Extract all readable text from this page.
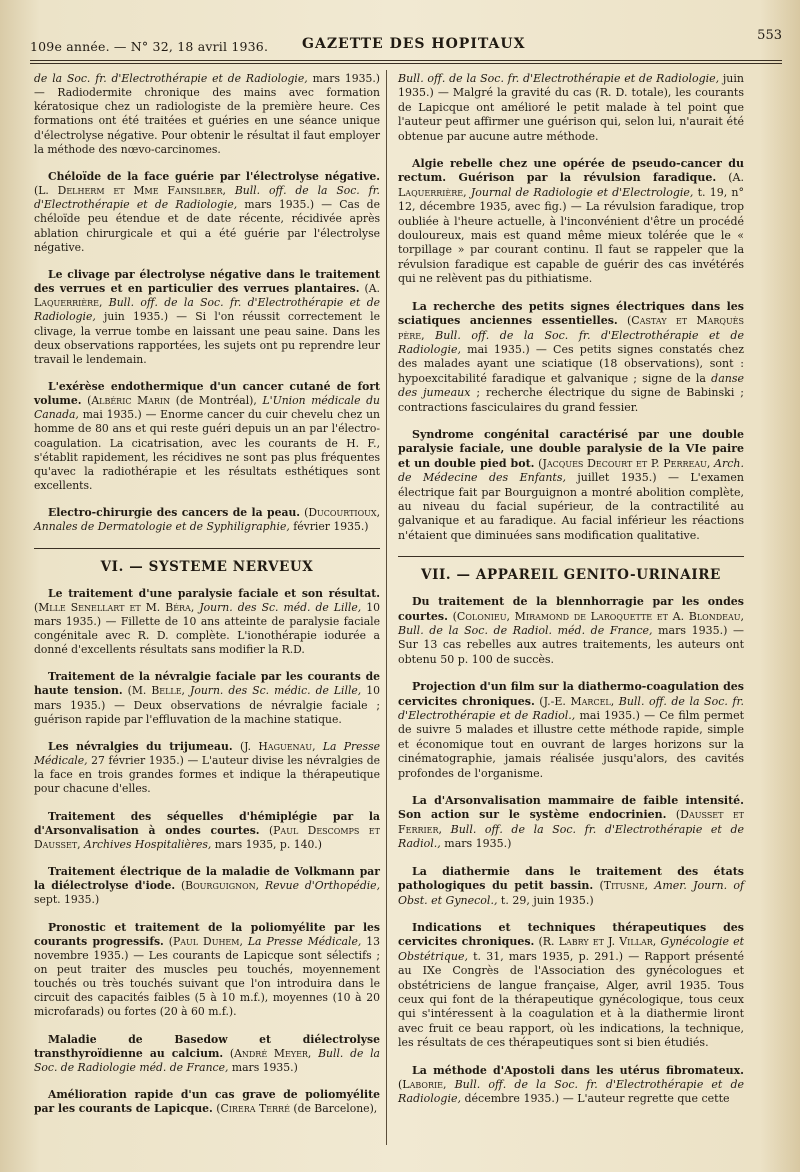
109e année. — N° 32, 18 avril 1936. GAZETTE DES HOPITAUX
553

de la Soc. fr. d'Electrothérapie et de Radiologie, mars 1935.) — Radiodermite chronique des mains avec formation kératosique chez un radiologiste de la première heure. Ces formations ont été traitées et guéries en une séance unique d'électrolyse négative. Pour obtenir le résultat il faut employer la méthode des nœvo-carcinomes.

Chéloïde de la face guérie par l'électrolyse négative. (L. Delherm et Mme Fainsilber, Bull. off. de la Soc. fr. d'Electrothérapie et de Radiologie, mars 1935.) — Cas de chéloïde peu étendue et de date récente, récidivée après ablation chirurgicale et qui a été guérie par l'électrolyse négative.

Le clivage par électrolyse négative dans le traitement des verrues et en particulier des verrues plantaires. (A. Laquerrière, Bull. off. de la Soc. fr. d'Electrothérapie et de Radiologie, juin 1935.) — Si l'on réussit correctement le clivage, la verrue tombe en laissant une peau saine. Dans les deux observations rapportées, les sujets ont pu reprendre leur travail le lendemain.

L'exérèse endothermique d'un cancer cutané de fort volume. (Albéric Marin (de Montréal), L'Union médicale du Canada, mai 1935.) — Enorme cancer du cuir chevelu chez un homme de 80 ans et qui reste guéri depuis un an par l'électro-coagulation. La cicatrisation, avec les courants de H. F., s'établit rapidement, les récidives ne sont pas plus fréquentes qu'avec la radiothérapie et les résultats esthétiques sont excellents.

Electro-chirurgie des cancers de la peau. (Ducourtioux, Annales de Dermatologie et de Syphiligraphie, février 1935.)

VI. — SYSTEME NERVEUX

Le traitement d'une paralysie faciale et son résultat. (Mlle Senellart et M. Béra, Journ. des Sc. méd. de Lille, 10 mars 1935.) — Fillette de 10 ans atteinte de paralysie faciale congénitale avec R. D. complète. L'ionothérapie iodurée a donné d'excellents résultats sans modifier la R.D.

Traitement de la névralgie faciale par les courants de haute tension. (M. Belle, Journ. des Sc. médic. de Lille, 10 mars 1935.) — Deux observations de névralgie faciale ; guérison rapide par l'effluvation de la machine statique.

Les névralgies du trijumeau. (J. Haguenau, La Presse Médicale, 27 février 1935.) — L'auteur divise les névralgies de la face en trois grandes formes et indique la thérapeutique pour chacune d'elles.

Traitement des séquelles d'hémiplégie par la d'Arsonvalisation à ondes courtes. (Paul Descomps et Dausset, Archives Hospitalières, mars 1935, p. 140.)

Traitement électrique de la maladie de Volkmann par la diélectrolyse d'iode. (Bourguignon, Revue d'Orthopédie, sept. 1935.)

Pronostic et traitement de la poliomyélite par les courants progressifs. (Paul Duhem, La Presse Médicale, 13 novembre 1935.) — Les courants de Lapicque sont sélectifs ; on peut traiter des muscles peu touchés, moyennement touchés ou très touchés suivant que l'on introduira dans le circuit des capacités faibles (5 à 10 m.f.), moyennes (10 à 20 microfarads) ou fortes (20 à 60 m.f.).

Maladie de Basedow et diélectrolyse transthyroïdienne au calcium. (André Meyer, Bull. de la Soc. de Radiologie méd. de France, mars 1935.)

Amélioration rapide d'un cas grave de poliomyélite par les courants de Lapicque. (Cirera Terré (de Barcelone),

Bull. off. de la Soc. fr. d'Electrothérapie et de Radiologie, juin 1935.) — Malgré la gravité du cas (R. D. totale), les courants de Lapicque ont amélioré le petit malade à tel point que l'auteur peut affirmer une guérison qui, selon lui, n'aurait été obtenue par aucune autre méthode.

Algie rebelle chez une opérée de pseudo-cancer du rectum. Guérison par la révulsion faradique. (A. Laquerrière, Journal de Radiologie et d'Electrologie, t. 19, n° 12, décembre 1935, avec fig.) — La révulsion faradique, trop oubliée à l'heure actuelle, à l'inconvénient d'être un procédé douloureux, mais est quand même mieux tolérée que le « torpillage » par courant continu. Il faut se rappeler que la révulsion faradique est capable de guérir des cas invétérés qui ne relèvent pas du pithiatisme.

La recherche des petits signes électriques dans les sciatiques anciennes essentielles. (Castay et Marquès père, Bull. off. de la Soc. fr. d'Electrothérapie et de Radiologie, mai 1935.) — Ces petits signes constatés chez des malades ayant une sciatique (18 observations), sont : hypoexcitabilité faradique et galvanique ; signe de la danse des jumeaux ; recherche électrique du signe de Babinski ; contractions fasciculaires du grand fessier.

Syndrome congénital caractérisé par une double paralysie faciale, une double paralysie de la VIe paire et un double pied bot. (Jacques Decourt et P. Perreau, Arch. de Médecine des Enfants, juillet 1935.) — L'examen électrique fait par Bourguignon a montré abolition complète, au niveau du facial supérieur, de la contractilité au galvanique et au faradique. Au facial inférieur les réactions n'étaient que diminuées sans modification qualitative.

VII. — APPAREIL GENITO-URINAIRE

Du traitement de la blennhorragie par les ondes courtes. (Colonieu, Miramond de Laroquette et A. Blondeau, Bull. de la Soc. de Radiol. méd. de France, mars 1935.) — Sur 13 cas rebelles aux autres traitements, les auteurs ont obtenu 50 p. 100 de succès.

Projection d'un film sur la diathermo-coagulation des cervicites chroniques. (J.-E. Marcel, Bull. off. de la Soc. fr. d'Electrothérapie et de Radiol., mai 1935.) — Ce film permet de suivre 5 malades et illustre cette méthode rapide, simple et économique tout en ouvrant de larges horizons sur la cinématographie, jamais réalisée jusqu'alors, des cavités profondes de l'organisme.

La d'Arsonvalisation mammaire de faible intensité. Son action sur le système endocrinien. (Dausset et Ferrier, Bull. off. de la Soc. fr. d'Electrothérapie et de Radiol., mars 1935.)

La diathermie dans le traitement des états pathologiques du petit bassin. (Titusne, Amer. Journ. of Obst. et Gynecol., t. 29, juin 1935.)

Indications et techniques thérapeutiques des cervicites chroniques. (R. Labry et J. Villar, Gynécologie et Obstétrique, t. 31, mars 1935, p. 291.) — Rapport présenté au IXe Congrès de l'Association des gynécologues et obstétriciens de langue française, Alger, avril 1935. Tous ceux qui font de la thérapeutique gynécologique, tous ceux qui s'intéressent à la coagulation et à la diathermie liront avec fruit ce beau rapport, où les indications, la technique, les résultats de ces thérapeutiques sont si bien étudiés.

La méthode d'Apostoli dans les utérus fibromateux. (Laborie, Bull. off. de la Soc. fr. d'Electrothérapie et de Radiologie, décembre 1935.) — L'auteur regrette que cette
